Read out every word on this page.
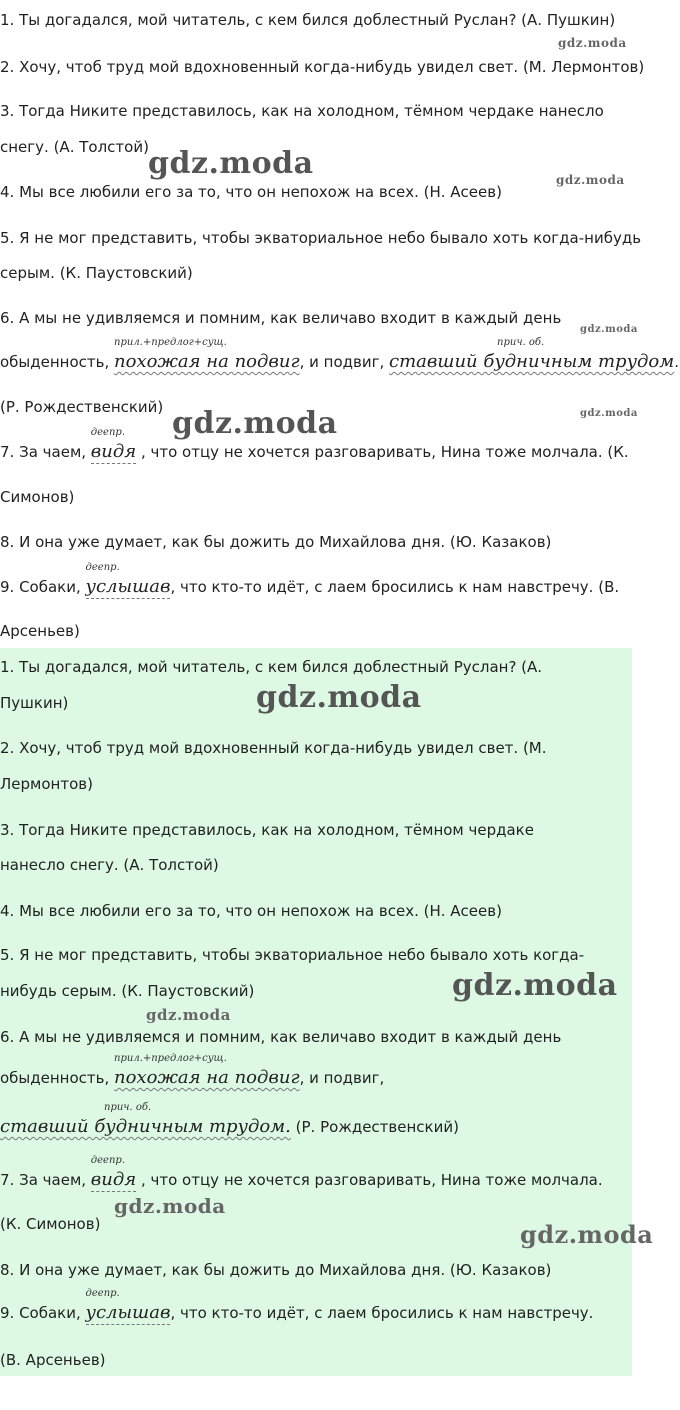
1. Ты догадался, мой читатель, с кем бился доблестный Руслан? (А. Пушкин)

2. Хочу, чтоб труд мой вдохновенный когда-нибудь увидел свет. (М. Лермонтов)

3. Тогда Никите представилось, как на холодном, тёмном чердаке нанесло

снегу. (А. Толстой)

4. Мы все любили его за то, что он непохож на всех. (Н. Асеев)

5. Я не мог представить, чтобы экваториальное небо бывало хоть когда-нибудь

серым. (К. Паустовский)

6. А мы не удивляемся и помним, как величаво входит в каждый день

обыденность,
прил.+предлог+сущ.
похожая на подвиг, и подвиг,
прич. об.
ставший будничным трудом.

(Р. Рождественский)

7. За чаем,
деепр.
видя , что отцу не хочется разговаривать, Нина тоже молчала. (К.

Симонов)

8. И она уже думает, как бы дожить до Михайлова дня. (Ю. Казаков)

9. Собаки,
деепр.
услышав, что кто-то идёт, с лаем бросились к нам навстречу. (В.

Арсеньев)

1. Ты догадался, мой читатель, с кем бился доблестный Руслан? (А.

Пушкин)

2. Хочу, чтоб труд мой вдохновенный когда-нибудь увидел свет. (М.

Лермонтов)

3. Тогда Никите представилось, как на холодном, тёмном чердаке

нанесло снегу. (А. Толстой)

4. Мы все любили его за то, что он непохож на всех. (Н. Асеев)

5. Я не мог представить, чтобы экваториальное небо бывало хоть когда-

нибудь серым. (К. Паустовский)

6. А мы не удивляемся и помним, как величаво входит в каждый день

обыденность,
прил.+предлог+сущ.
похожая на подвиг, и подвиг,

прич. об.
ставший будничным трудом. (Р. Рождественский)

7. За чаем,
деепр.
видя , что отцу не хочется разговаривать, Нина тоже молчала.

(К. Симонов)

8. И она уже думает, как бы дожить до Михайлова дня. (Ю. Казаков)

9. Собаки,
деепр.
услышав, что кто-то идёт, с лаем бросились к нам навстречу.

(В. Арсеньев)

gdz.moda
gdz.moda	gdz.moda
gdz.moda
gdz.moda
gdz.moda
gdz.moda
gdz.moda
gdz.moda
gdz.moda
gdz.moda
